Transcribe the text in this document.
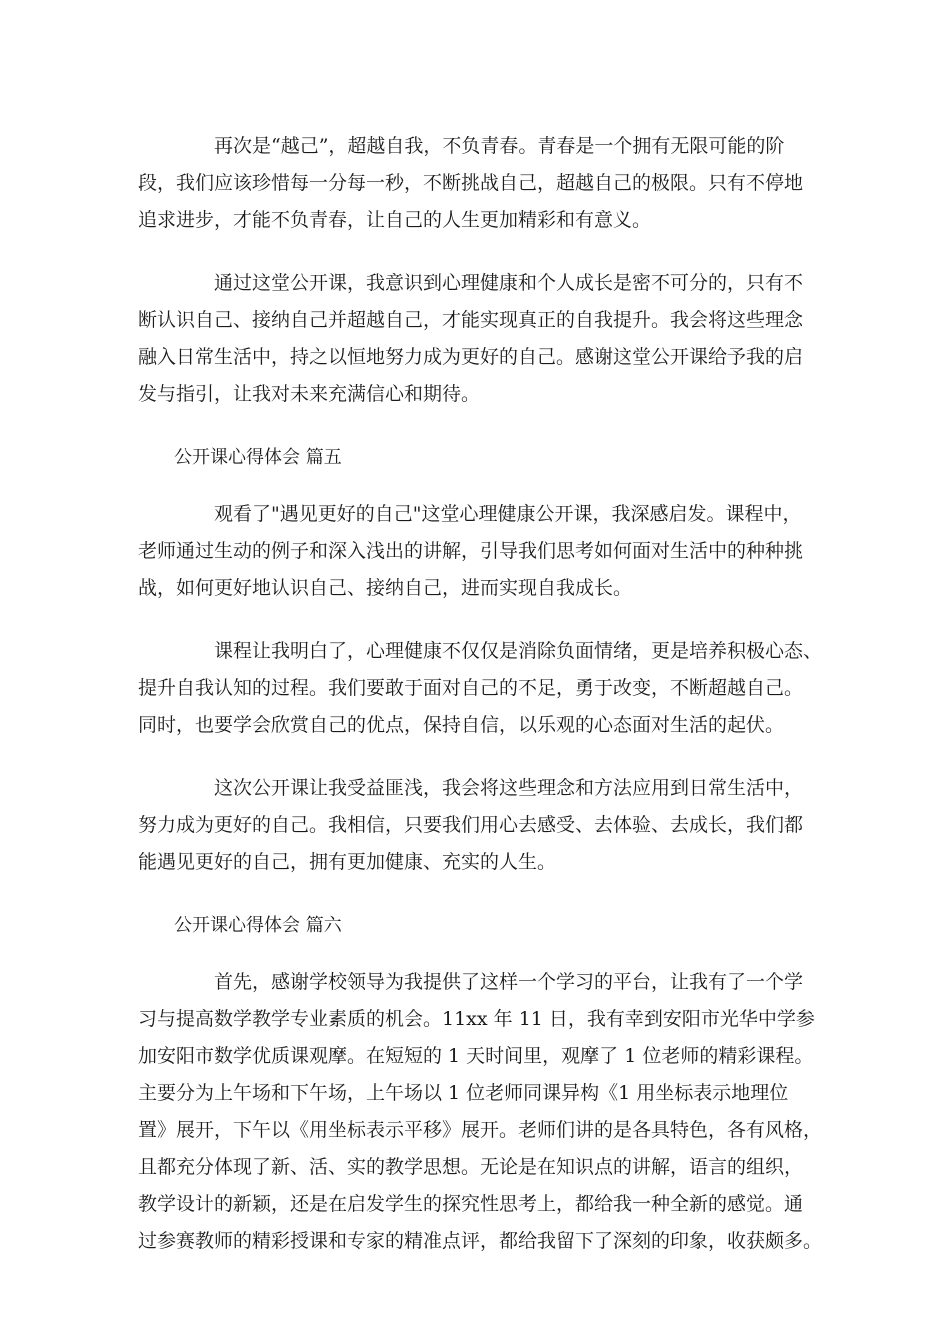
再次是“越己”，超越自我，不负青春。青春是一个拥有无限可能的阶
段，我们应该珍惜每一分每一秒，不断挑战自己，超越自己的极限。只有不停地
追求进步，才能不负青春，让自己的人生更加精彩和有意义。
通过这堂公开课，我意识到心理健康和个人成长是密不可分的，只有不
断认识自己、接纳自己并超越自己，才能实现真正的自我提升。我会将这些理念
融入日常生活中，持之以恒地努力成为更好的自己。感谢这堂公开课给予我的启
发与指引，让我对未来充满信心和期待。
公开课心得体会 篇五
观看了"遇见更好的自己"这堂心理健康公开课，我深感启发。课程中，
老师通过生动的例子和深入浅出的讲解，引导我们思考如何面对生活中的种种挑
战，如何更好地认识自己、接纳自己，进而实现自我成长。
课程让我明白了，心理健康不仅仅是消除负面情绪，更是培养积极心态、
提升自我认知的过程。我们要敢于面对自己的不足，勇于改变，不断超越自己。
同时，也要学会欣赏自己的优点，保持自信，以乐观的心态面对生活的起伏。
这次公开课让我受益匪浅，我会将这些理念和方法应用到日常生活中，
努力成为更好的自己。我相信，只要我们用心去感受、去体验、去成长，我们都
能遇见更好的自己，拥有更加健康、充实的人生。
公开课心得体会 篇六
首先，感谢学校领导为我提供了这样一个学习的平台，让我有了一个学
习与提高数学教学专业素质的机会。11xx 年 11 日，我有幸到安阳市光华中学参
加安阳市数学优质课观摩。在短短的 1 天时间里，观摩了 1 位老师的精彩课程。
主要分为上午场和下午场，上午场以 1 位老师同课异构《1 用坐标表示地理位
置》展开，下午以《用坐标表示平移》展开。老师们讲的是各具特色，各有风格，
且都充分体现了新、活、实的教学思想。无论是在知识点的讲解，语言的组织，
教学设计的新颖，还是在启发学生的探究性思考上，都给我一种全新的感觉。通
过参赛教师的精彩授课和专家的精准点评，都给我留下了深刻的印象，收获颇多。
